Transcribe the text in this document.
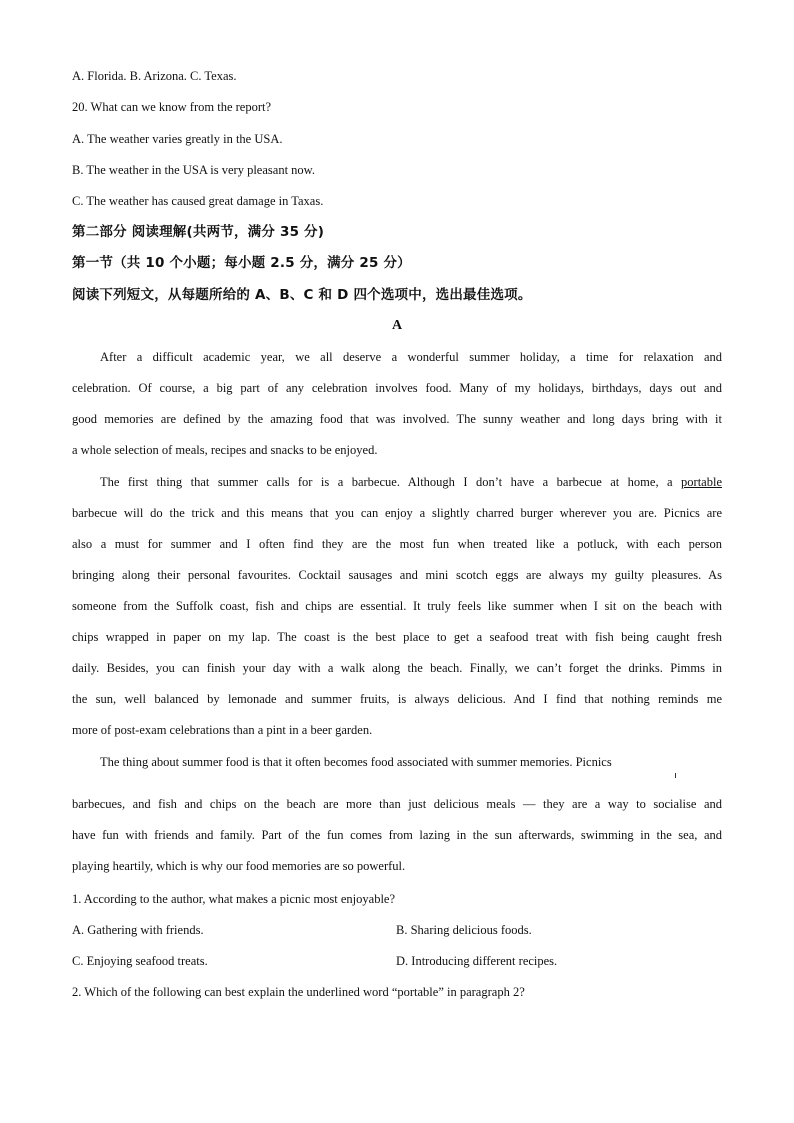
A. Florida. B. Arizona. C. Texas.
20. What can we know from the report?
A. The weather varies greatly in the USA.
B. The weather in the USA is very pleasant now.
C. The weather has caused great damage in Taxas.
第二部分 阅读理解(共两节，满分 35 分)
第一节（共 10 个小题；每小题 2.5 分，满分 25 分）
阅读下列短文，从每题所给的 A、B、C 和 D 四个选项中，选出最佳选项。
A
After a difficult academic year, we all deserve a wonderful summer holiday, a time for relaxation and
celebration. Of course, a big part of any celebration involves food. Many of my holidays, birthdays, days out and
good memories are defined by the amazing food that was involved. The sunny weather and long days bring with it
a whole selection of meals, recipes and snacks to be enjoyed.
The first thing that summer calls for is a barbecue. Although I don’t have a barbecue at home, a portable
barbecue will do the trick and this means that you can enjoy a slightly charred burger wherever you are. Picnics are
also a must for summer and I often find they are the most fun when treated like a potluck, with each person
bringing along their personal favourites. Cocktail sausages and mini scotch eggs are always my guilty pleasures. As
someone from the Suffolk coast, fish and chips are essential. It truly feels like summer when I sit on the beach with
chips wrapped in paper on my lap. The coast is the best place to get a seafood treat with fish being caught fresh
daily. Besides, you can finish your day with a walk along the beach. Finally, we can’t forget the drinks. Pimms in
the sun, well balanced by lemonade and summer fruits, is always delicious. And I find that nothing reminds me
more of post-exam celebrations than a pint in a beer garden.
The thing about summer food is that it often becomes food associated with summer memories. Picnics
barbecues, and fish and chips on the beach are more than just delicious meals — they are a way to socialise and
have fun with friends and family. Part of the fun comes from lazing in the sun afterwards, swimming in the sea, and
playing heartily, which is why our food memories are so powerful.
1. According to the author, what makes a picnic most enjoyable?
A. Gathering with friends.	B. Sharing delicious foods.
C. Enjoying seafood treats.	D. Introducing different recipes.
2. Which of the following can best explain the underlined word “portable” in paragraph 2?
